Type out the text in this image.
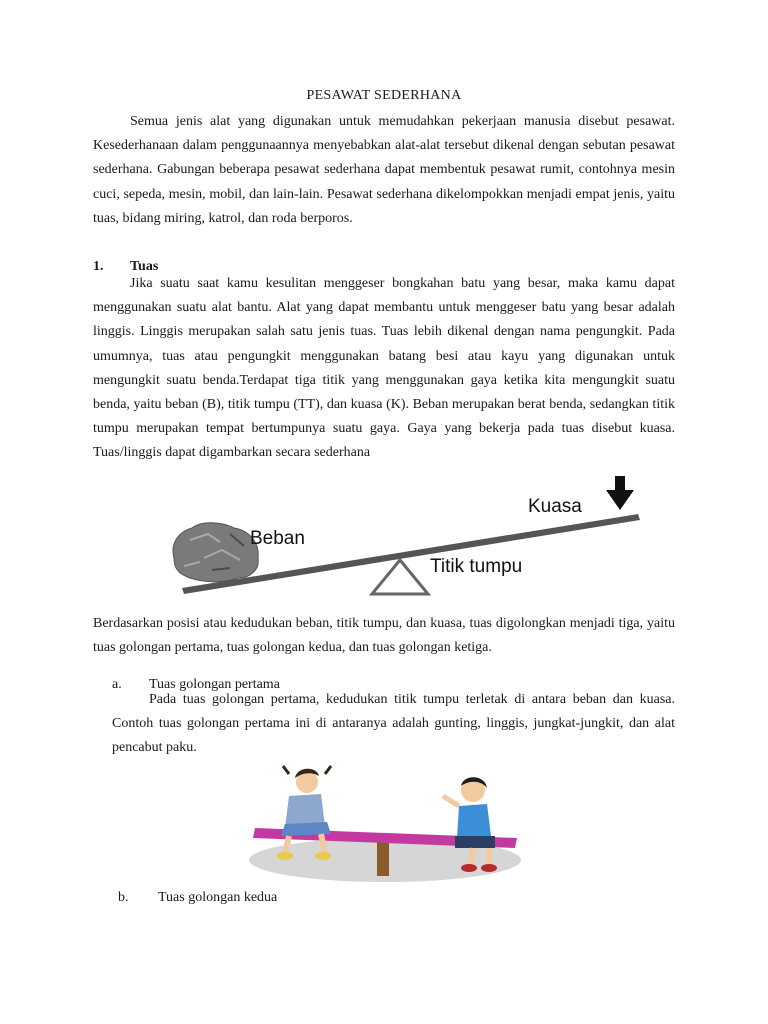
PESAWAT SEDERHANA

Semua jenis alat yang digunakan untuk memudahkan pekerjaan manusia disebut pesawat. Kesederhanaan dalam penggunaannya menyebabkan alat-alat tersebut dikenal dengan sebutan pesawat sederhana. Gabungan beberapa pesawat sederhana dapat membentuk pesawat rumit, contohnya mesin cuci, sepeda, mesin, mobil, dan lain-lain. Pesawat sederhana dikelompokkan menjadi empat jenis, yaitu tuas, bidang miring, katrol, dan roda berporos.

1. Tuas

Jika suatu saat kamu kesulitan menggeser bongkahan batu yang besar, maka kamu dapat menggunakan suatu alat bantu. Alat yang dapat membantu untuk menggeser batu yang besar adalah linggis. Linggis merupakan salah satu jenis tuas. Tuas lebih dikenal dengan nama pengungkit. Pada umumnya, tuas atau pengungkit menggunakan batang besi atau kayu yang digunakan untuk mengungkit suatu benda.Terdapat tiga titik yang menggunakan gaya ketika kita mengungkit suatu benda, yaitu beban (B), titik tumpu (TT), dan kuasa (K). Beban merupakan berat benda, sedangkan titik tumpu merupakan tempat bertumpunya suatu gaya. Gaya yang bekerja pada tuas disebut kuasa. Tuas/linggis dapat digambarkan secara sederhana

Beban
Titik tumpu
Kuasa

Berdasarkan posisi atau kedudukan beban, titik tumpu, dan kuasa, tuas digolongkan menjadi tiga, yaitu tuas golongan pertama, tuas golongan kedua, dan tuas golongan ketiga.

a. Tuas golongan pertama

Pada tuas golongan pertama, kedudukan titik tumpu terletak di antara beban dan kuasa. Contoh tuas golongan pertama ini di antaranya adalah gunting, linggis, jungkat-jungkit, dan alat pencabut paku.

b. Tuas golongan kedua
